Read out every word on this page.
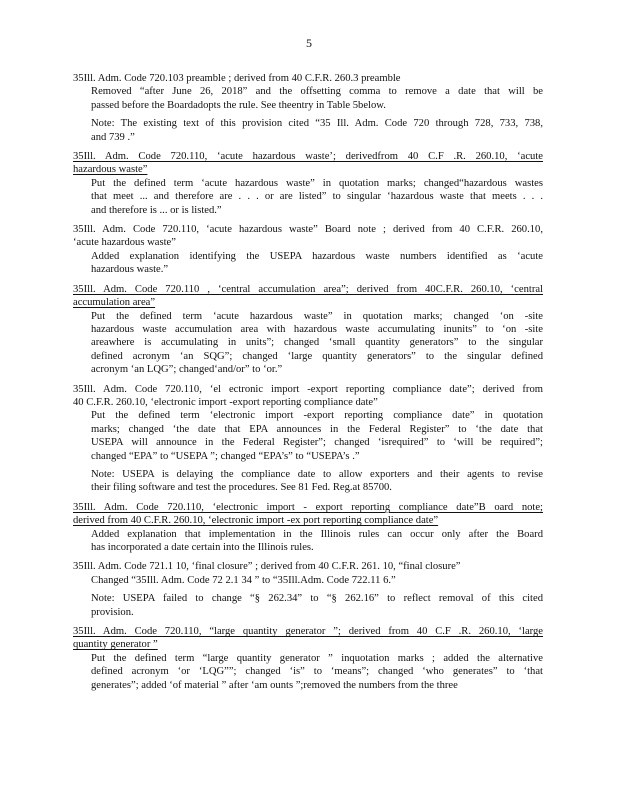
5
35Ill. Adm. Code 720.103 preamble ; derived from 40 C.F.R. 260.3 preamble
Removed “after June 26, 2018” and the offsetting comma to remove a date that will be
passed before the Boardadopts the rule. See theentry in Table 5below.
Note: The existing text of this provision cited “35 Ill. Adm. Code 720 through 728, 733, 738,
and 739 .”
35Ill. Adm. Code 720.110, ‘acute hazardous waste’; derivedfrom 40 C.F .R. 260.10, ‘acute
hazardous waste”
Put the defined term ‘acute hazardous waste” in quotation marks; changed“hazardous wastes
that meet ... and therefore are . . . or are listed” to singular ‘hazardous waste that meets . . .
and therefore is ... or is listed.”
35Ill. Adm. Code 720.110, ‘acute hazardous waste” Board note ; derived from 40 C.F.R. 260.10,
‘acute hazardous waste”
Added explanation identifying the USEPA hazardous waste numbers identified as ‘acute
hazardous waste.”
35Ill. Adm. Code 720.110 , ‘central accumulation area”; derived from 40C.F.R. 260.10, ‘central
accumulation area”
Put the defined term ‘acute hazardous waste” in quotation marks; changed ‘on -site
hazardous waste accumulation area with hazardous waste accumulating inunits” to ‘on -site
areawhere is accumulating in units”; changed ‘small quantity generators” to the singular
defined acronym ‘an SQG”; changed ‘large quantity generators” to the singular defined
acronym ‘an LQG”; changed‘and/or” to ‘or.”
35Ill. Adm. Code 720.110, ‘el ectronic import -export reporting compliance date”; derived from
40 C.F.R. 260.10, ‘electronic import -export reporting compliance date”
Put the defined term ‘electronic import -export reporting compliance date” in quotation
marks; changed ‘the date that EPA announces in the Federal Register” to ‘the date that
USEPA will announce in the Federal Register”; changed ‘isrequired” to ‘will be required”;
changed “EPA” to “USEPA ”; changed “EPA’s” to “USEPA’s .”
Note: USEPA is delaying the compliance date to allow exporters and their agents to revise
their filing software and test the procedures. See 81 Fed. Reg.at 85700.
35Ill. Adm. Code 720.110, ‘electronic import - export reporting compliance date”B oard note;
derived from 40 C.F.R. 260.10, ‘electronic import -ex port reporting compliance date”
Added explanation that implementation in the Illinois rules can occur only after the Board
has incorporated a date certain into the Illinois rules.
35Ill. Adm. Code 721.1 10, ‘final closure” ; derived from 40 C.F.R. 261. 10, “final closure”
Changed “35Ill. Adm. Code 72 2.1 34 ” to “35Ill.Adm. Code 722.11 6.”
Note: USEPA failed to change “§ 262.34” to “§ 262.16” to reflect removal of this cited
provision.
35Ill. Adm. Code 720.110, “large quantity generator ”; derived from 40 C.F .R. 260.10, ‘large
quantity generator ”
Put the defined term “large quantity generator ” inquotation marks ; added the alternative
defined acronym ‘or ‘LQG””; changed ‘is” to ‘means”; changed ‘who generates” to ‘that
generates”; added ‘of material ” after ‘am ounts ”;removed the numbers from the three
